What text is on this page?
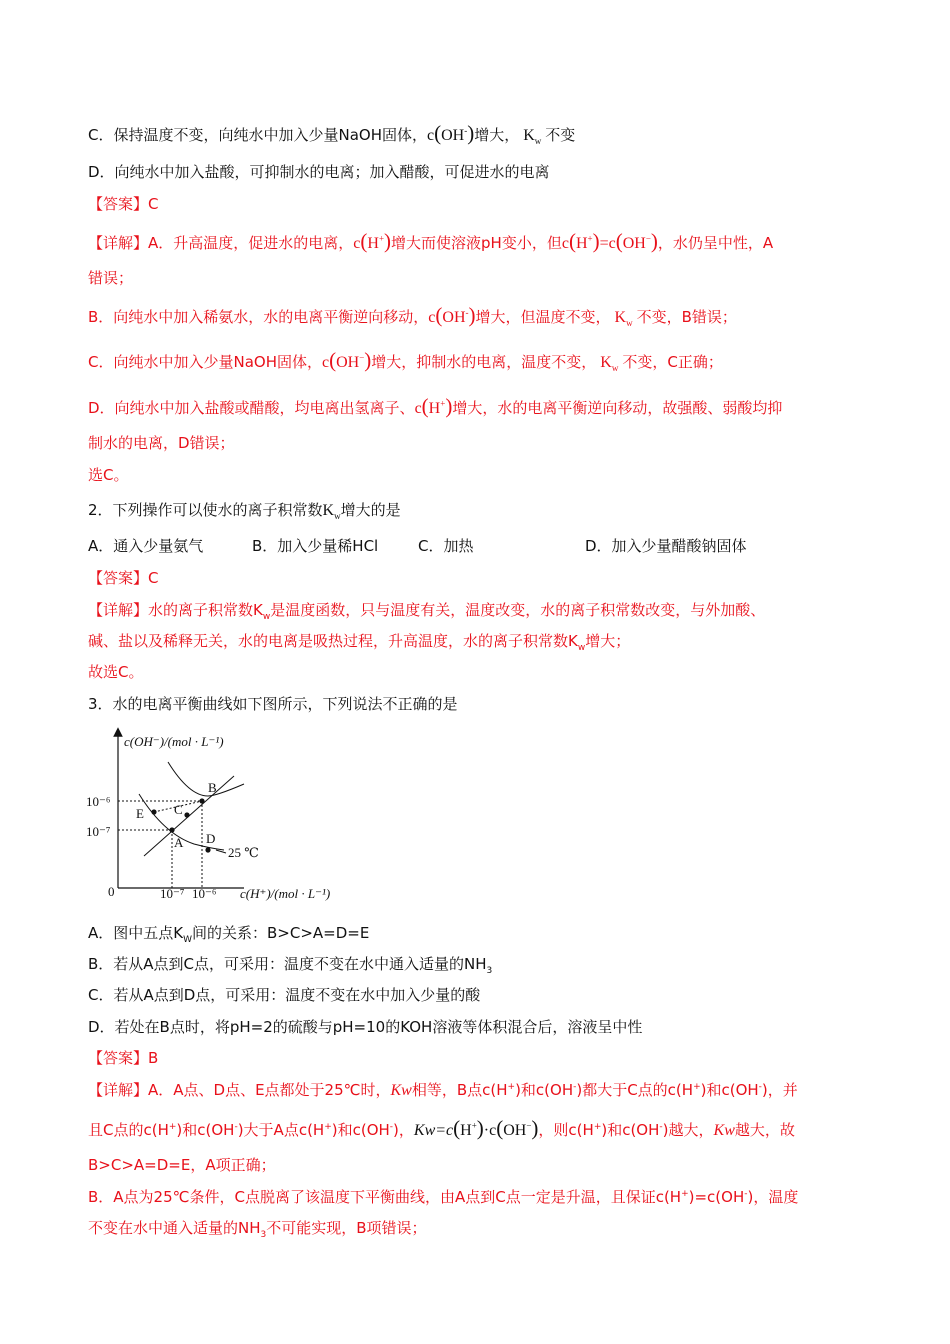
C．保持温度不变，向纯水中加入少量NaOH固体，c(OH-)增大， $K_w$ 不变
D．向纯水中加入盐酸，可抑制水的电离；加入醋酸，可促进水的电离
【答案】C
【详解】A．升高温度，促进水的电离，c(H+)增大而使溶液pH变小，但c(H+)=c(OH−)，水仍呈中性，A
错误；
B．向纯水中加入稀氨水，水的电离平衡逆向移动，c(OH-)增大，但温度不变， $K_w$ 不变，B错误；
C．向纯水中加入少量NaOH固体，c(OH−)增大，抑制水的电离，温度不变， $K_w$ 不变，C正确；
D．向纯水中加入盐酸或醋酸，均电离出氢离子、c(H+)增大，水的电离平衡逆向移动，故强酸、弱酸均抑
制水的电离，D错误；
选C。
2．下列操作可以使水的离子积常数$K_w$增大的是
A．通入少量氨气	B．加入少量稀HCl	C．加热	D．加入少量醋酸钠固体
【答案】C
【详解】水的离子积常数$K_w$是温度函数，只与温度有关，温度改变，水的离子积常数改变，与外加酸、
碱、盐以及稀释无关，水的电离是吸热过程，升高温度，水的离子积常数$K_w$增大；
故选C。
3．水的电离平衡曲线如下图所示，下列说法不正确的是
c(OH⁻)/(mol · L⁻¹)
c(H⁺)/(mol · L⁻¹)
0
10⁻⁶
10⁻⁷
10⁻⁷ 10⁻⁶
A
B
C
D
E
25 ℃
A．图中五点$K_W$间的关系：B>C>A=D=E
B．若从A点到C点，可采用：温度不变在水中通入适量的$NH_3$
C．若从A点到D点，可采用：温度不变在水中加入少量的酸
D．若处在B点时，将pH=2的硫酸与pH=10的KOH溶液等体积混合后，溶液呈中性
【答案】B
【详解】A．A点、D点、E点都处于25℃时，Kw相等，B点c(H+)和c(OH-)都大于C点的c(H+)和c(OH-)，并
且C点的c(H+)和c(OH-)大于A点c(H+)和c(OH-)，Kw=c(H+)·c(OH−)，则c(H+)和c(OH-)越大，Kw越大，故
B>C>A=D=E，A项正确；
B．A点为25℃条件，C点脱离了该温度下平衡曲线，由A点到C点一定是升温，且保证c(H+)=c(OH-)，温度
不变在水中通入适量的$NH_3$不可能实现，B项错误；
